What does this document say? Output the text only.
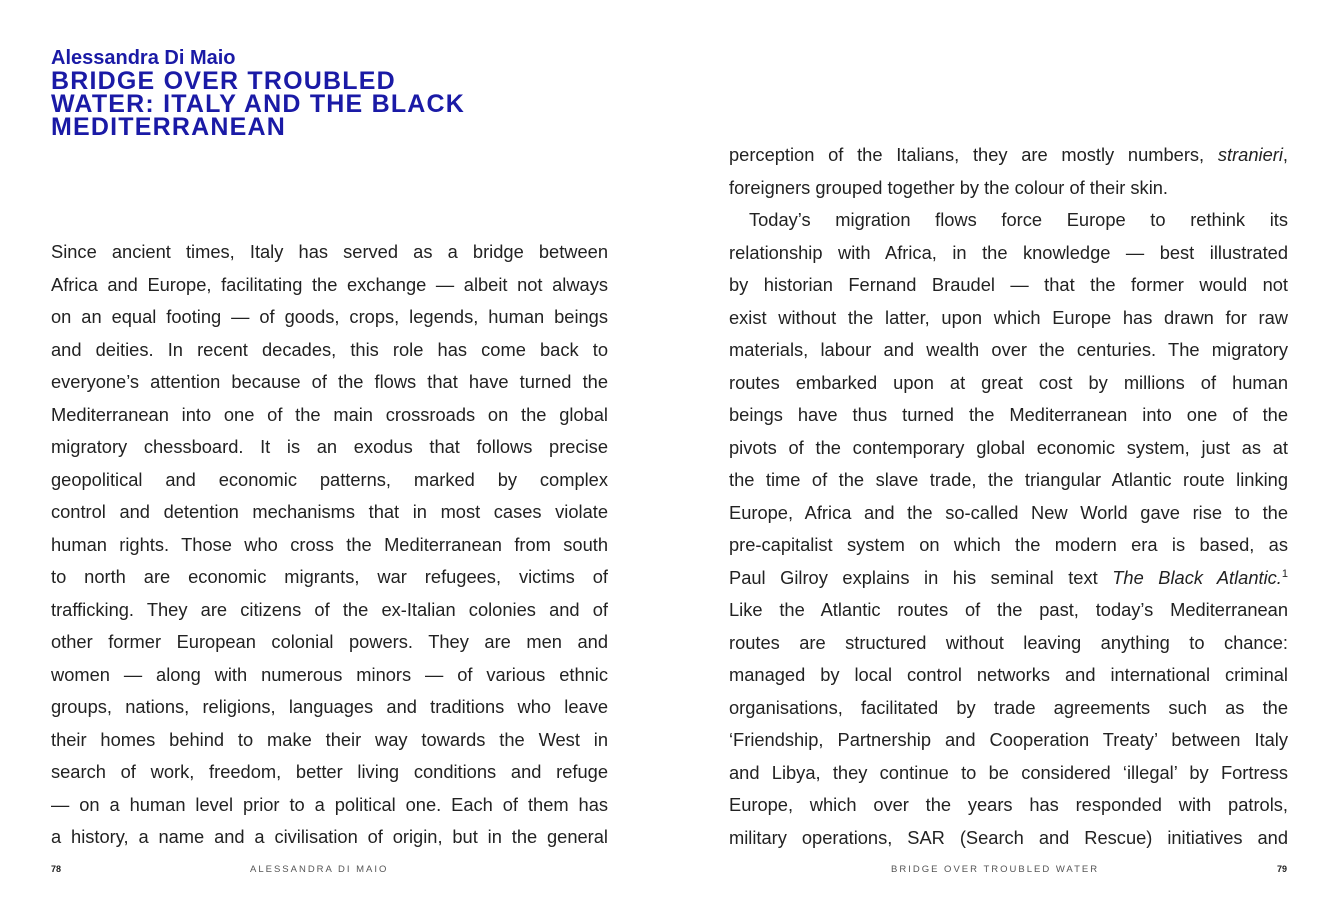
Alessandra Di Maio
BRIDGE OVER TROUBLED
WATER: ITALY AND THE BLACK
MEDITERRANEAN
Since ancient times, Italy has served as a bridge between
Africa and Europe, facilitating the exchange — albeit not always
on an equal footing — of goods, crops, legends, human beings
and deities. In recent decades, this role has come back to
everyone’s attention because of the flows that have turned the
Mediterranean into one of the main crossroads on the global
migratory chessboard. It is an exodus that follows precise
geopolitical and economic patterns, marked by complex
control and detention mechanisms that in most cases violate
human rights. Those who cross the Mediterranean from south
to north are economic migrants, war refugees, victims of
trafficking. They are citizens of the ex-Italian colonies and of
other former European colonial powers. They are men and
women — along with numerous minors — of various ethnic
groups, nations, religions, languages and traditions who leave
their homes behind to make their way towards the West in
search of work, freedom, better living conditions and refuge
— on a human level prior to a political one. Each of them has
a history, a name and a civilisation of origin, but in the general
78	ALESSANDRA DI MAIO
perception of the Italians, they are mostly numbers, stranieri,
foreigners grouped together by the colour of their skin.
Today’s migration flows force Europe to rethink its
relationship with Africa, in the knowledge — best illustrated
by historian Fernand Braudel — that the former would not
exist without the latter, upon which Europe has drawn for raw
materials, labour and wealth over the centuries. The migratory
routes embarked upon at great cost by millions of human
beings have thus turned the Mediterranean into one of the
pivots of the contemporary global economic system, just as at
the time of the slave trade, the triangular Atlantic route linking
Europe, Africa and the so-called New World gave rise to the
pre-capitalist system on which the modern era is based, as
Paul Gilroy explains in his seminal text The Black Atlantic.$^1$
Like the Atlantic routes of the past, today’s Mediterranean
routes are structured without leaving anything to chance:
managed by local control networks and international criminal
organisations, facilitated by trade agreements such as the
‘Friendship, Partnership and Cooperation Treaty’ between Italy
and Libya, they continue to be considered ‘illegal’ by Fortress
Europe, which over the years has responded with patrols,
military operations, SAR (Search and Rescue) initiatives and
BRIDGE OVER TROUBLED WATER	79
